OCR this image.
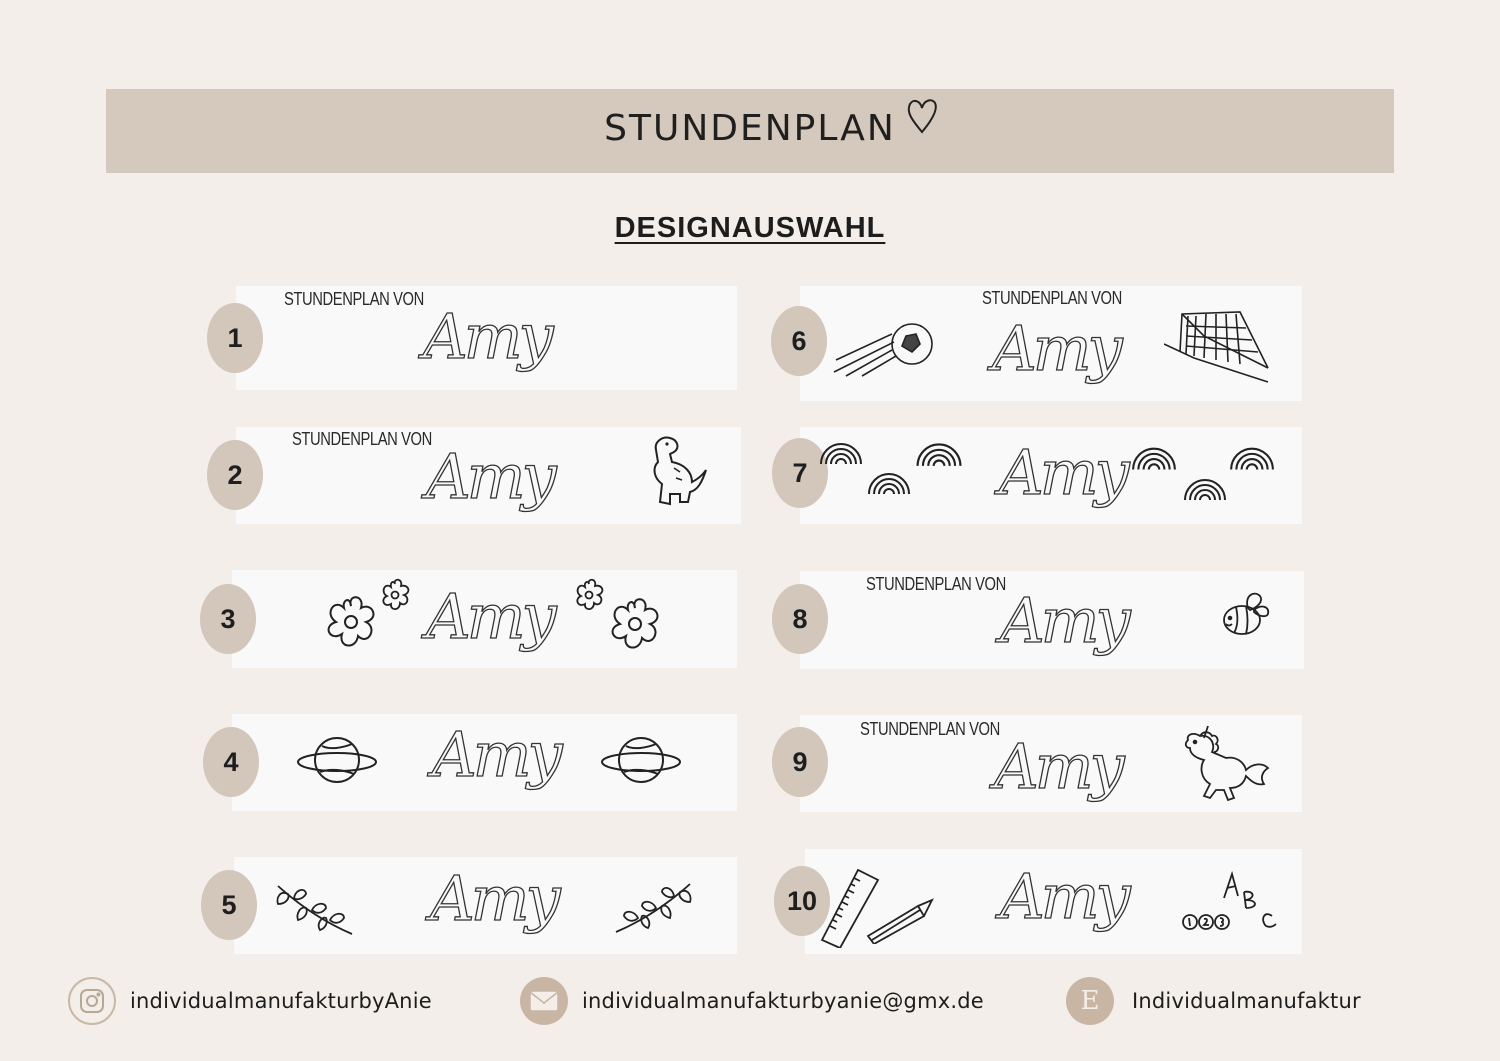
STUNDENPLAN
DESIGNAUSWAHL
1
STUNDENPLAN VON
Amy
2
STUNDENPLAN VON
Amy
3	Amy
4	Amy
5	Amy
6
STUNDENPLAN VON
Amy
7	Amy
8
STUNDENPLAN VON
Amy
9
STUNDENPLAN VON
Amy
10	Amy
individualmanufakturbyAnie	individualmanufakturbyanie@gmx.de	E Individualmanufaktur
